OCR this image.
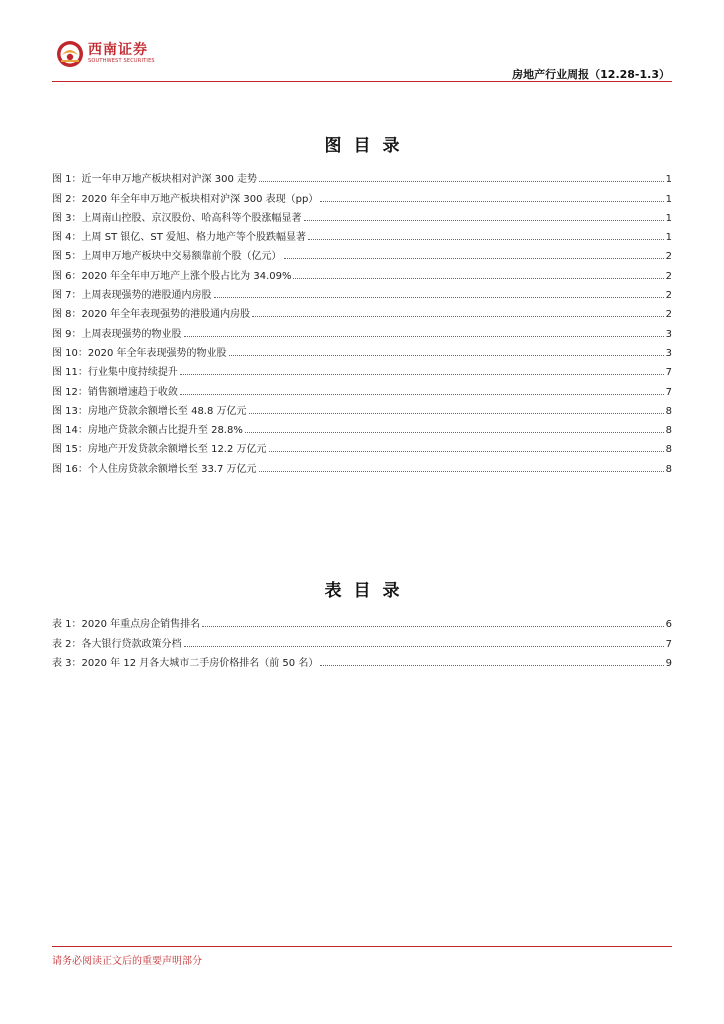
西南证券
SOUTHWEST SECURITIES
房地产行业周报（12.28-1.3）
图目录
图 1：近一年申万地产板块相对沪深 300 走势	1
图 2：2020 年全年申万地产板块相对沪深 300 表现（pp）	1
图 3：上周南山控股、京汉股份、哈高科等个股涨幅显著	1
图 4：上周 ST 银亿、ST 爱旭、格力地产等个股跌幅显著	1
图 5：上周申万地产板块中交易额靠前个股（亿元）	2
图 6：2020 年全年申万地产上涨个股占比为 34.09%	2
图 7：上周表现强势的港股通内房股	2
图 8：2020 年全年表现强势的港股通内房股	2
图 9：上周表现强势的物业股	3
图 10：2020 年全年表现强势的物业股	3
图 11：行业集中度持续提升	7
图 12：销售额增速趋于收敛	7
图 13：房地产贷款余额增长至 48.8 万亿元	8
图 14：房地产贷款余额占比提升至 28.8%	8
图 15：房地产开发贷款余额增长至 12.2 万亿元	8
图 16：个人住房贷款余额增长至 33.7 万亿元	8
表目录
表 1：2020 年重点房企销售排名	6
表 2：各大银行贷款政策分档	7
表 3：2020 年 12 月各大城市二手房价格排名（前 50 名）	9
请务必阅读正文后的重要声明部分
